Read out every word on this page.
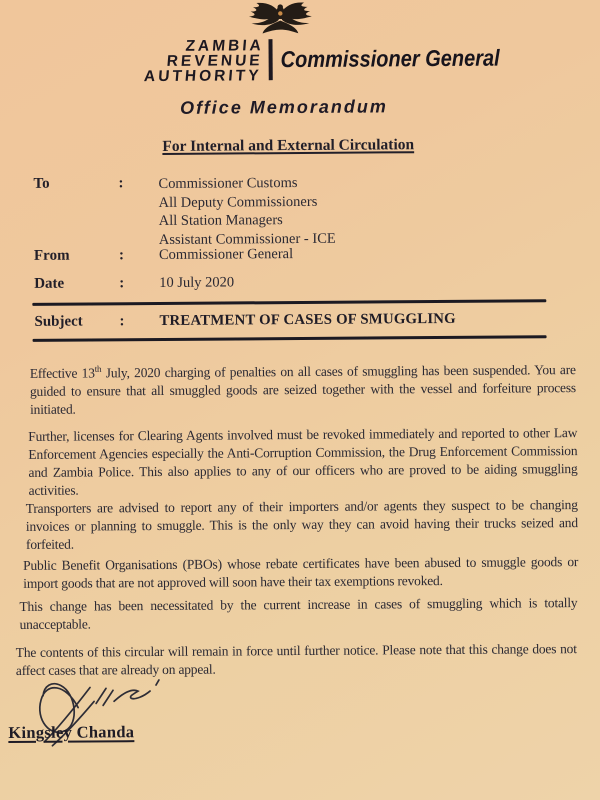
ZAMBIA
REVENUE
AUTHORITY
Commissioner General
Office Memorandum
For Internal and External Circulation
To	: Commissioner Customs
All Deputy Commissioners
All Station Managers
Assistant Commissioner - ICE
From	: Commissioner General
Date	: 10 July 2020
Subject : TREATMENT OF CASES OF SMUGGLING

Effective 13th July, 2020 charging of penalties on all cases of smuggling has been suspended. You are guided to ensure that all smuggled goods are seized together with the vessel and forfeiture process initiated.

Further, licenses for Clearing Agents involved must be revoked immediately and reported to other Law Enforcement Agencies especially the Anti-Corruption Commission, the Drug Enforcement Commission and Zambia Police. This also applies to any of our officers who are proved to be aiding smuggling activities.

Transporters are advised to report any of their importers and/or agents they suspect to be changing invoices or planning to smuggle. This is the only way they can avoid having their trucks seized and forfeited.

Public Benefit Organisations (PBOs) whose rebate certificates have been abused to smuggle goods or import goods that are not approved will soon have their tax exemptions revoked.

This change has been necessitated by the current increase in cases of smuggling which is totally unacceptable.

The contents of this circular will remain in force until further notice. Please note that this change does not affect cases that are already on appeal.

Kingsley Chanda
